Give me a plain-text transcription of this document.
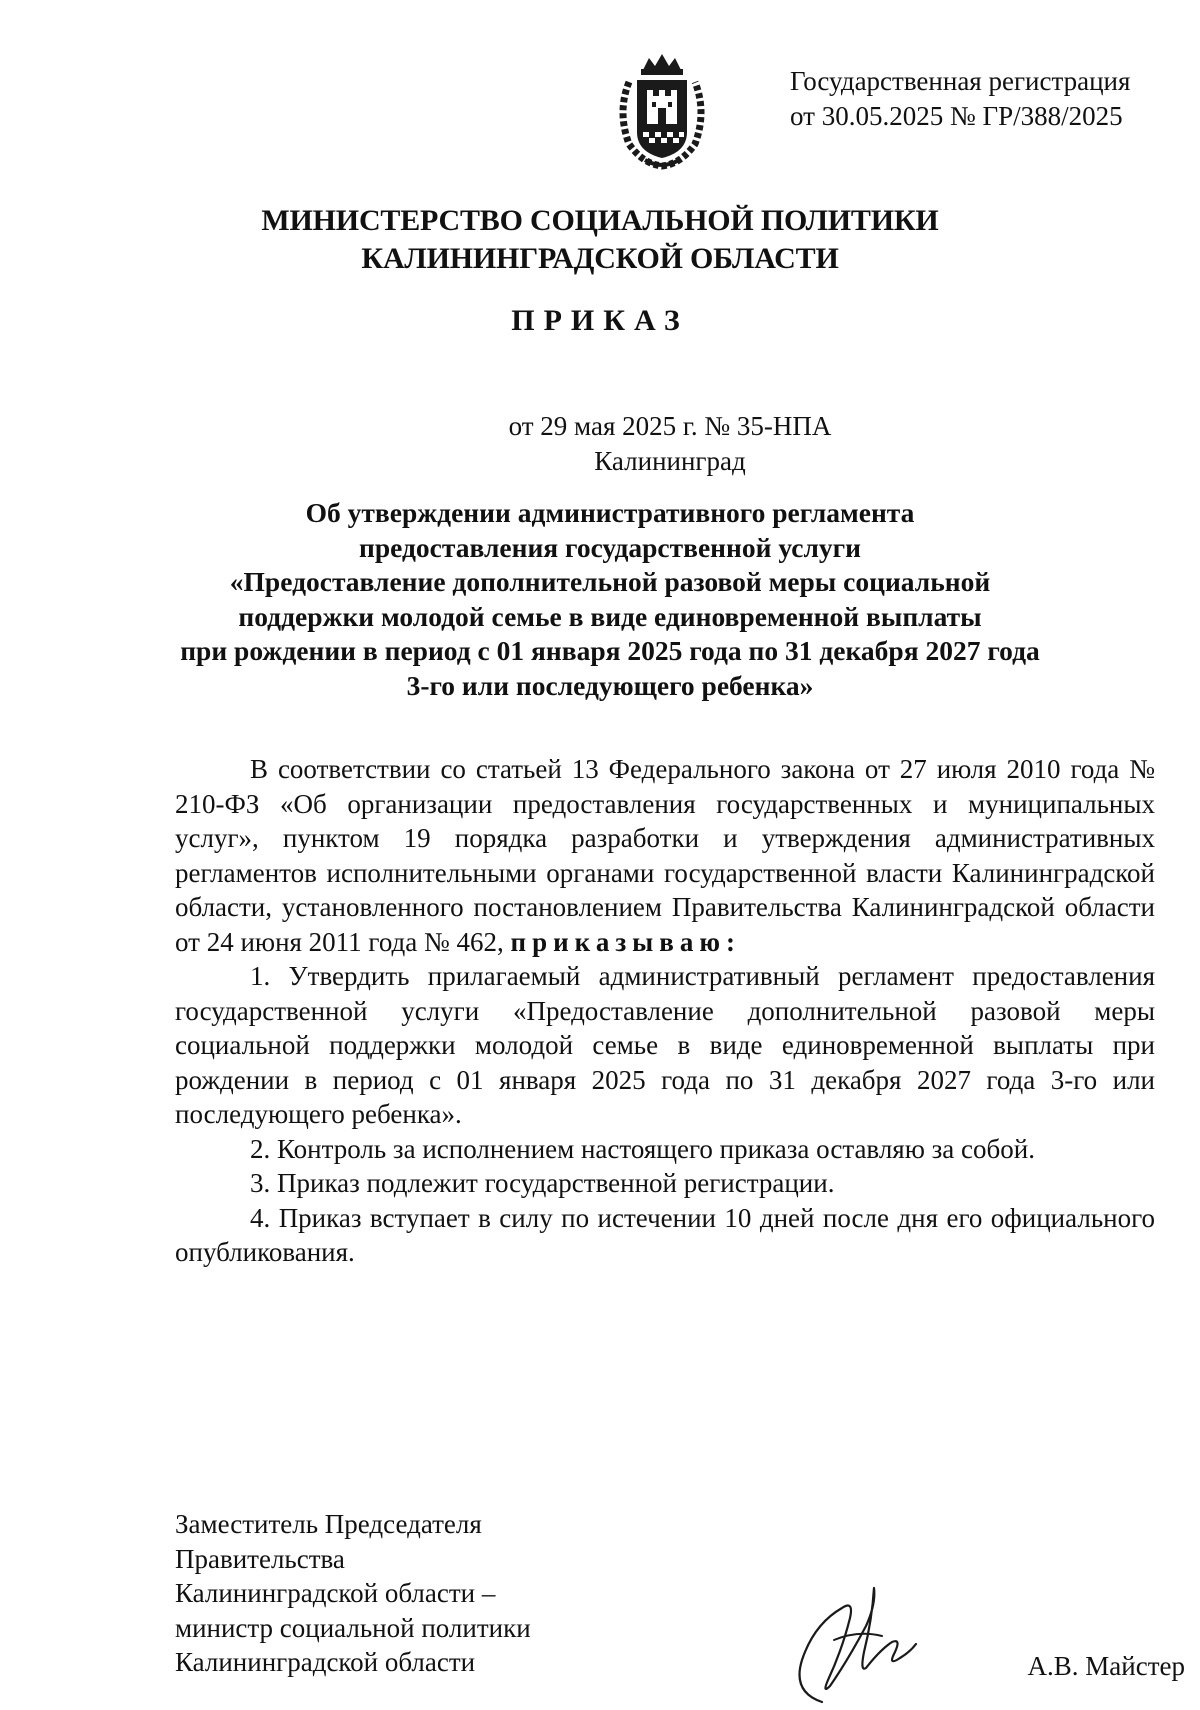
Государственная регистрация
от 30.05.2025 № ГР/388/2025
МИНИСТЕРСТВО СОЦИАЛЬНОЙ ПОЛИТИКИ
КАЛИНИНГРАДСКОЙ ОБЛАСТИ
ПРИКАЗ
от 29 мая 2025 г. № 35-НПА
Калининград
Об утверждении административного регламента
предоставления государственной услуги
«Предоставление дополнительной разовой меры социальной
поддержки молодой семье в виде единовременной выплаты
при рождении в период с 01 января 2025 года по 31 декабря 2027 года
3-го или последующего ребенка»

В соответствии со статьей 13 Федерального закона от 27 июля 2010 года № 210-ФЗ «Об организации предоставления государственных и муниципальных услуг», пунктом 19 порядка разработки и утверждения административных регламентов исполнительными органами государственной власти Калининградской области, установленного постановлением Правительства Калининградской области от 24 июня 2011 года № 462, приказываю:

1. Утвердить прилагаемый административный регламент предоставления государственной услуги «Предоставление дополнительной разовой меры социальной поддержки молодой семье в виде единовременной выплаты при рождении в период с 01 января 2025 года по 31 декабря 2027 года 3-го или последующего ребенка».

2. Контроль за исполнением настоящего приказа оставляю за собой.

3. Приказ подлежит государственной регистрации.

4. Приказ вступает в силу по истечении 10 дней после дня его официального опубликования.

Заместитель Председателя
Правительства
Калининградской области –
министр социальной политики
Калининградской области	А.В. Майстер
